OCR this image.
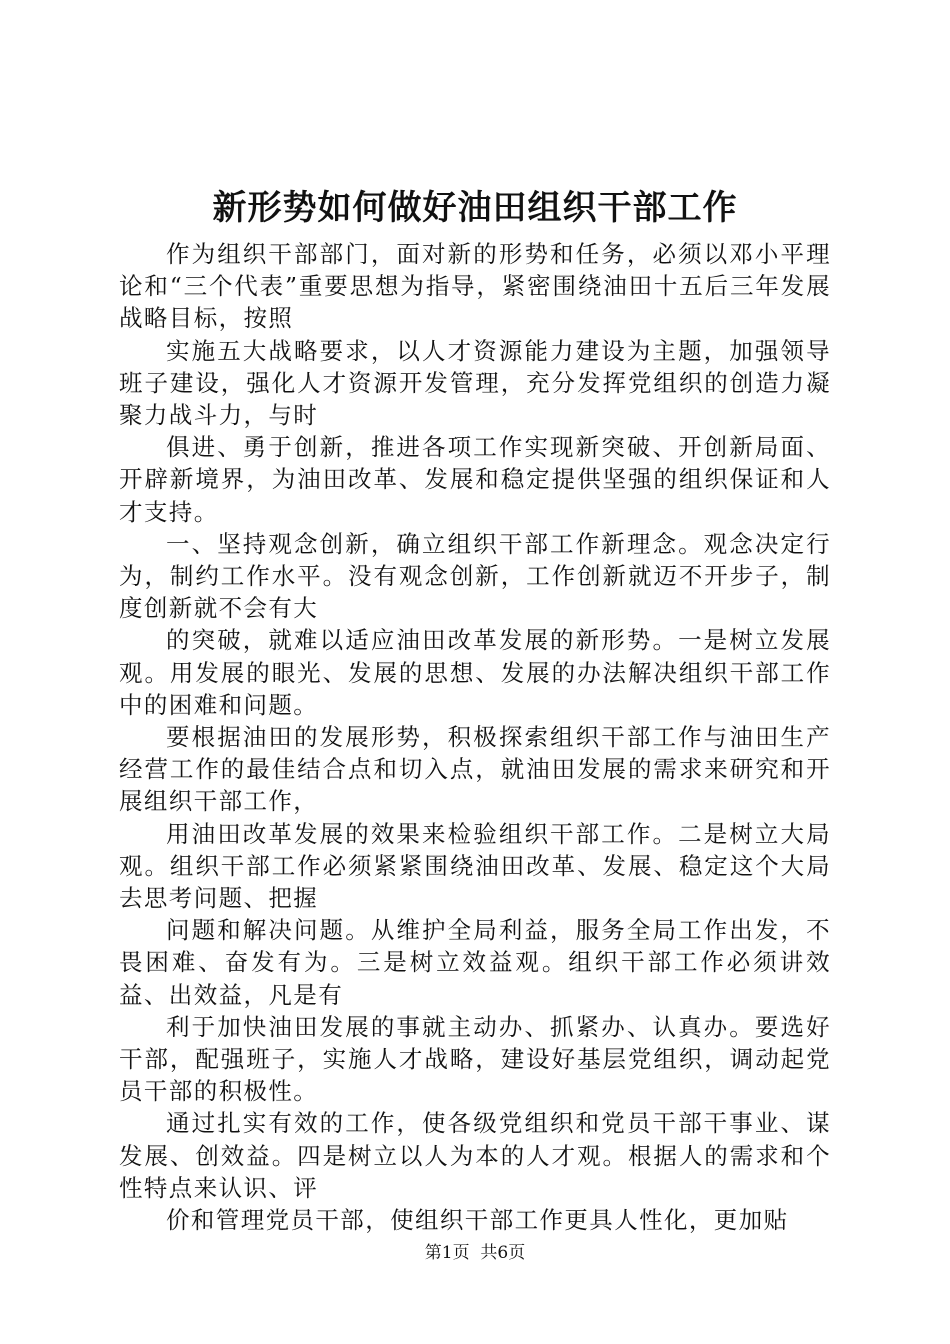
新形势如何做好油田组织干部工作

作为组织干部部门，面对新的形势和任务，必须以邓小平理论和“三个代表”重要思想为指导，紧密围绕油田十五后三年发展战略目标，按照

实施五大战略要求，以人才资源能力建设为主题，加强领导班子建设，强化人才资源开发管理，充分发挥党组织的创造力凝聚力战斗力，与时

俱进、勇于创新，推进各项工作实现新突破、开创新局面、开辟新境界，为油田改革、发展和稳定提供坚强的组织保证和人才支持。

一、坚持观念创新，确立组织干部工作新理念。观念决定行为，制约工作水平。没有观念创新，工作创新就迈不开步子，制度创新就不会有大

的突破，就难以适应油田改革发展的新形势。一是树立发展观。用发展的眼光、发展的思想、发展的办法解决组织干部工作中的困难和问题。

要根据油田的发展形势，积极探索组织干部工作与油田生产经营工作的最佳结合点和切入点，就油田发展的需求来研究和开展组织干部工作，

用油田改革发展的效果来检验组织干部工作。二是树立大局观。组织干部工作必须紧紧围绕油田改革、发展、稳定这个大局去思考问题、把握

问题和解决问题。从维护全局利益，服务全局工作出发，不畏困难、奋发有为。三是树立效益观。组织干部工作必须讲效益、出效益，凡是有

利于加快油田发展的事就主动办、抓紧办、认真办。要选好干部，配强班子，实施人才战略，建设好基层党组织，调动起党员干部的积极性。

通过扎实有效的工作，使各级党组织和党员干部干事业、谋发展、创效益。四是树立以人为本的人才观。根据人的需求和个性特点来认识、评

价和管理党员干部，使组织干部工作更具人性化，更加贴

第1页  共6页
